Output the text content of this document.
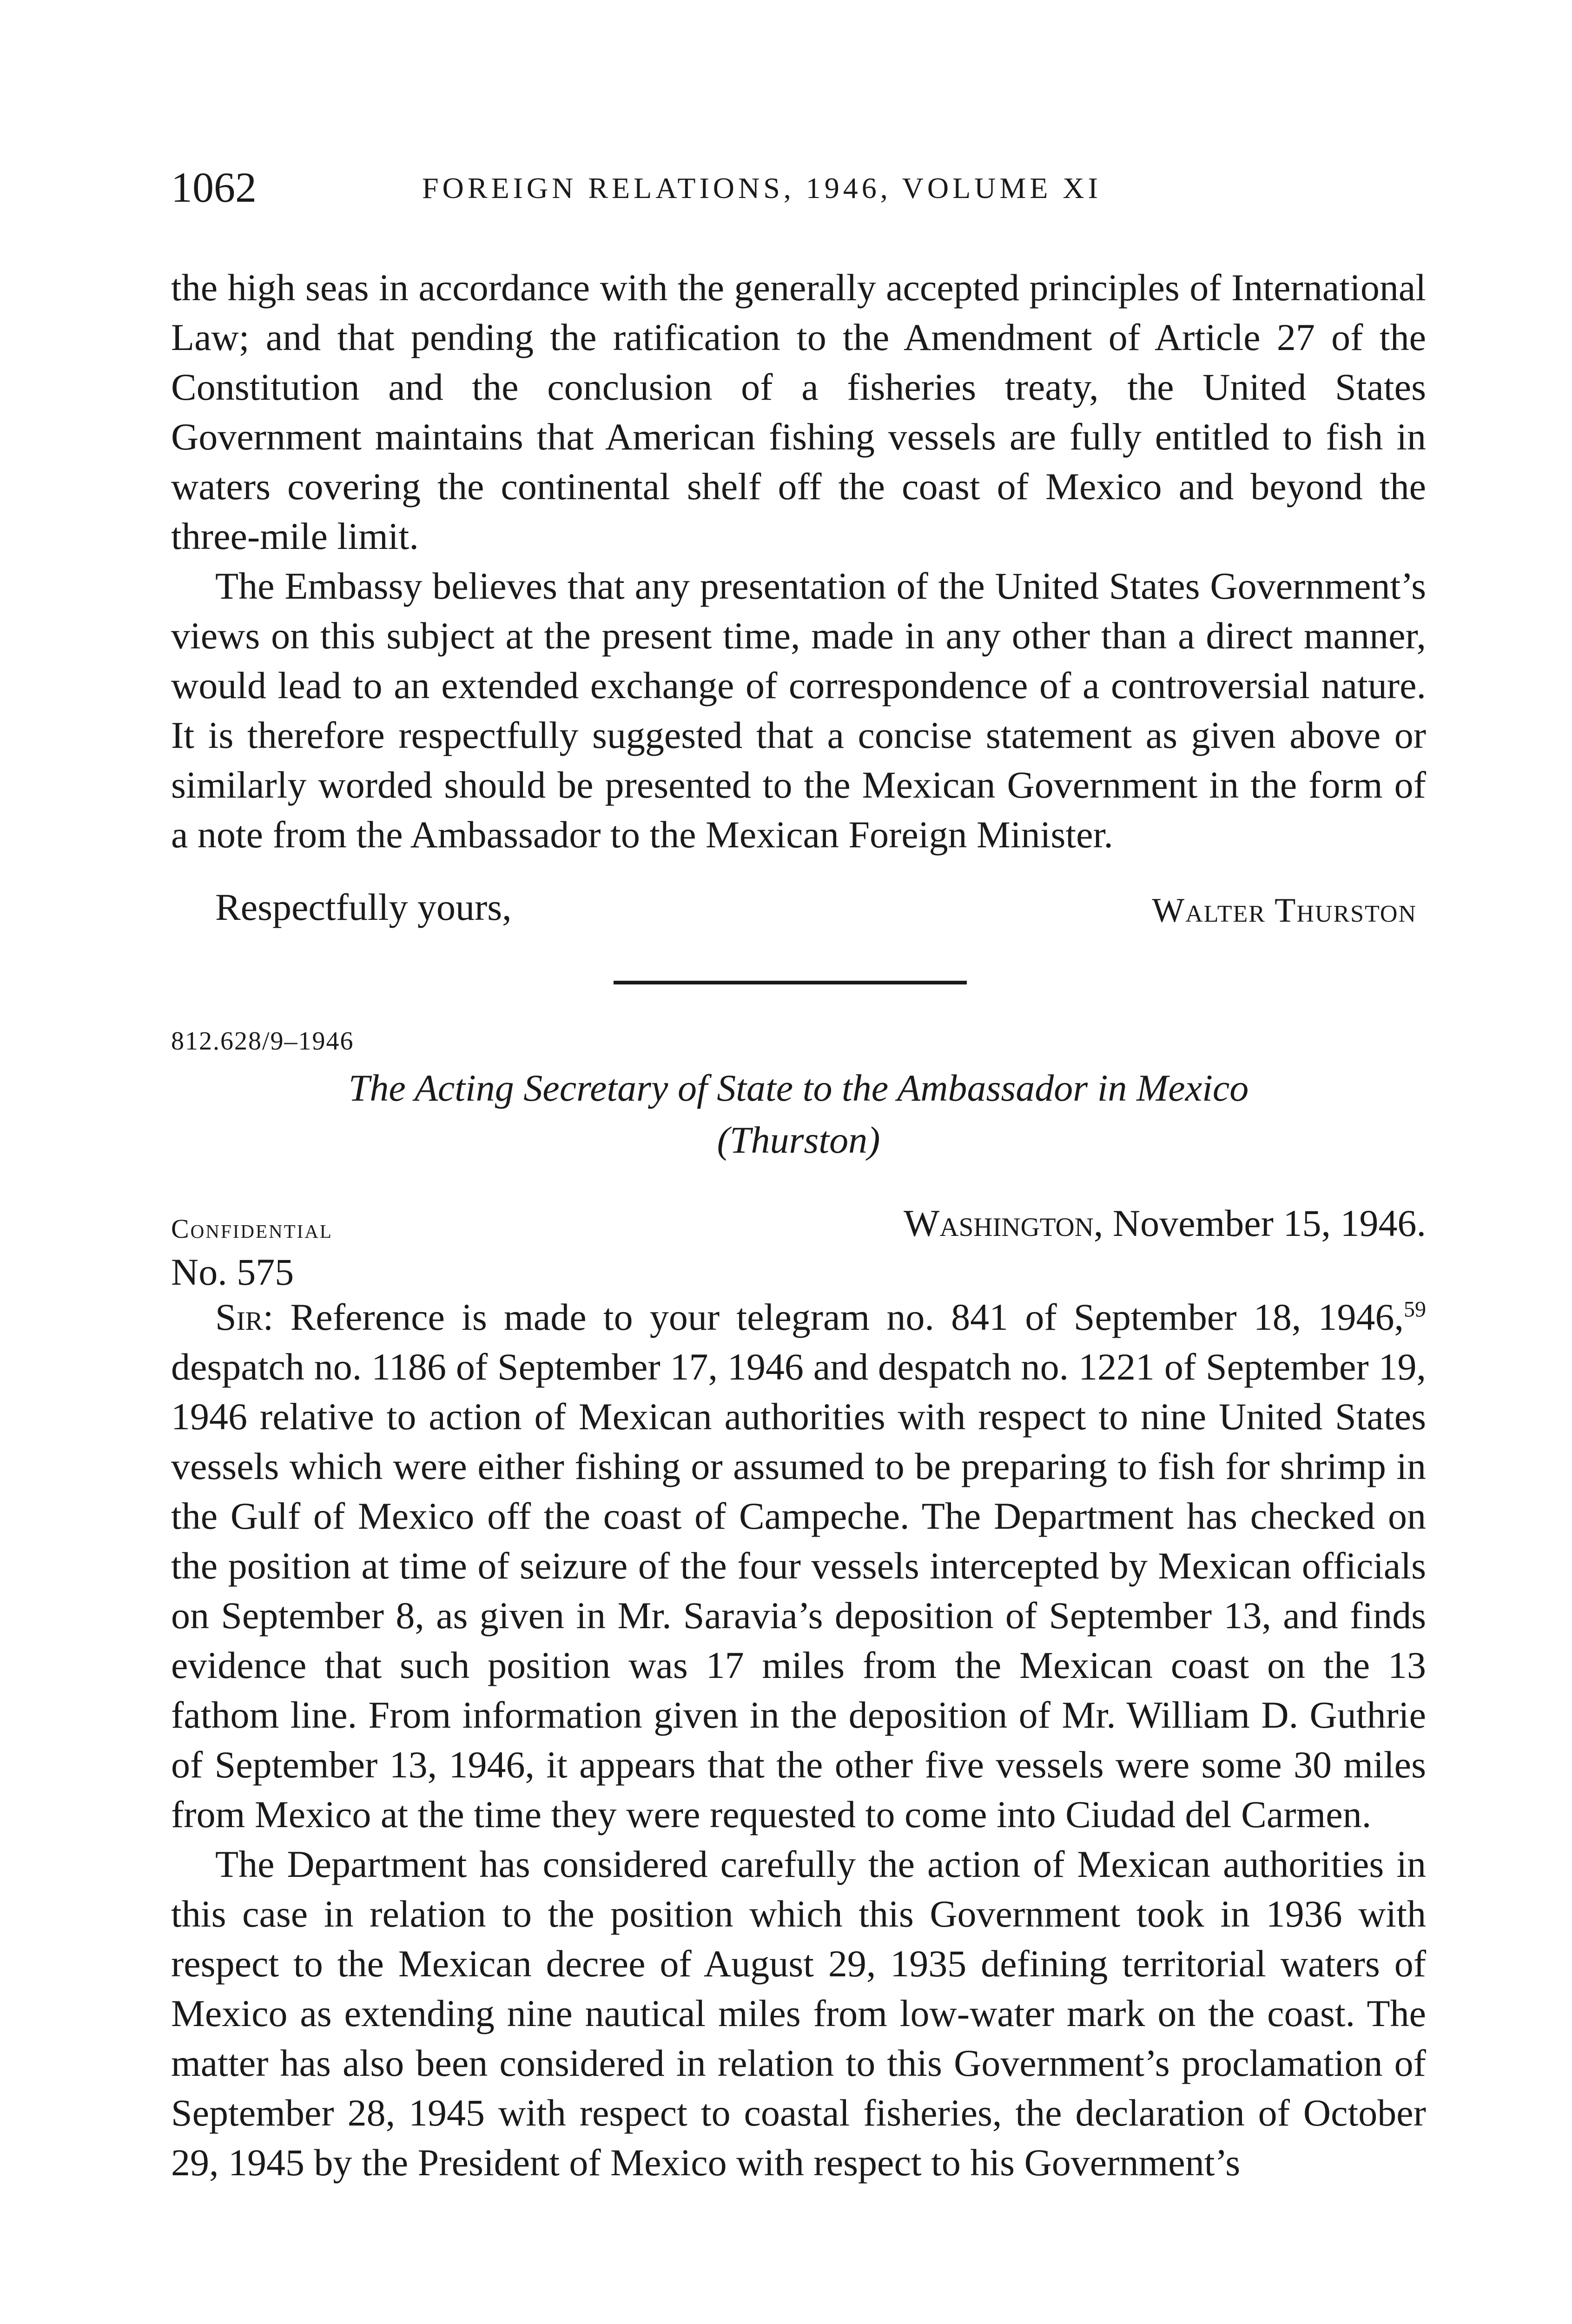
1062	FOREIGN RELATIONS, 1946, VOLUME XI

the high seas in accordance with the generally accepted principles of International Law; and that pending the ratification to the Amendment of Article 27 of the Constitution and the conclusion of a fisheries treaty, the United States Government maintains that American fishing vessels are fully entitled to fish in waters covering the continental shelf off the coast of Mexico and beyond the three-mile limit.

The Embassy believes that any presentation of the United States Government’s views on this subject at the present time, made in any other than a direct manner, would lead to an extended exchange of correspondence of a controversial nature. It is therefore respectfully suggested that a concise statement as given above or similarly worded should be presented to the Mexican Government in the form of a note from the Ambassador to the Mexican Foreign Minister.

Respectfully yours,	Walter Thurston
812.628/9–1946
The Acting Secretary of State to the Ambassador in Mexico
(Thurston)
Confidential	Washington, November 15, 1946.
No. 575

Sir: Reference is made to your telegram no. 841 of September 18, 1946,59 despatch no. 1186 of September 17, 1946 and despatch no. 1221 of September 19, 1946 relative to action of Mexican authorities with respect to nine United States vessels which were either fishing or assumed to be preparing to fish for shrimp in the Gulf of Mexico off the coast of Campeche. The Department has checked on the position at time of seizure of the four vessels intercepted by Mexican officials on September 8, as given in Mr. Saravia’s deposition of September 13, and finds evidence that such position was 17 miles from the Mexican coast on the 13 fathom line. From information given in the deposition of Mr. William D. Guthrie of September 13, 1946, it appears that the other five vessels were some 30 miles from Mexico at the time they were requested to come into Ciudad del Carmen.

The Department has considered carefully the action of Mexican authorities in this case in relation to the position which this Government took in 1936 with respect to the Mexican decree of August 29, 1935 defining territorial waters of Mexico as extending nine nautical miles from low-water mark on the coast. The matter has also been considered in relation to this Government’s proclamation of September 28, 1945 with respect to coastal fisheries, the declaration of October 29, 1945 by the President of Mexico with respect to his Government’s
